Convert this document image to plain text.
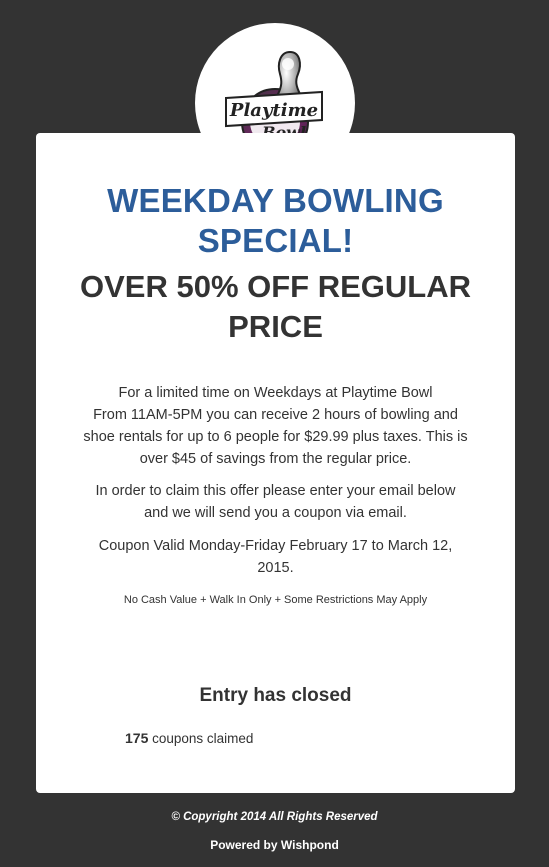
Playtime
WEEKDAY BOWLING
SPECIAL!
OVER 50% OFF REGULAR
PRICE

For a limited time on Weekdays at Playtime Bowl
From 11AM-5PM you can receive 2 hours of bowling and
shoe rentals for up to 6 people for $29.99 plus taxes. This is
over $45 of savings from the regular price.

In order to claim this offer please enter your email below
and we will send you a coupon via email.

Coupon Valid Monday-Friday February 17 to March 12,
2015.

No Cash Value + Walk In Only + Some Restrictions May Apply

Entry has closed
175 coupons claimed
© Copyright 2014 All Rights Reserved
Powered by Wishpond
